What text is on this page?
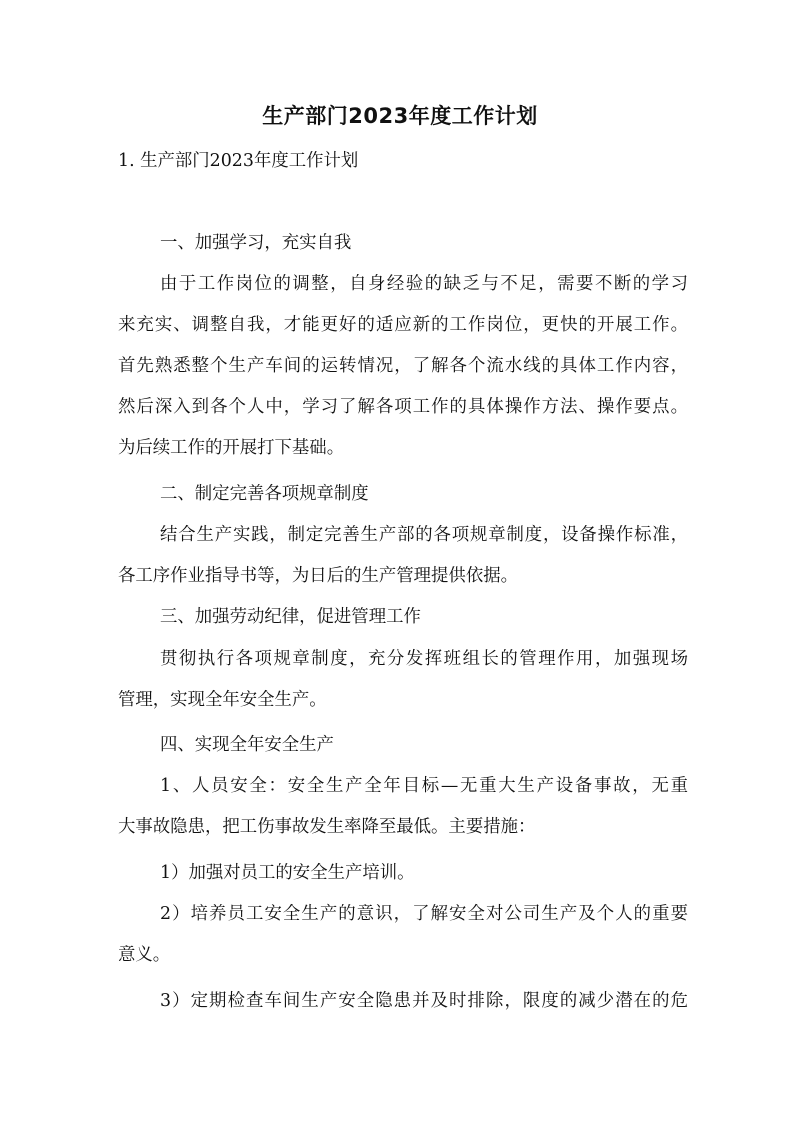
生产部门2023年度工作计划
1. 生产部门2023年度工作计划
一、加强学习，充实自我
由于工作岗位的调整，自身经验的缺乏与不足，需要不断的学习
来充实、调整自我，才能更好的适应新的工作岗位，更快的开展工作。
首先熟悉整个生产车间的运转情况，了解各个流水线的具体工作内容，
然后深入到各个人中，学习了解各项工作的具体操作方法、操作要点。
为后续工作的开展打下基础。
二、制定完善各项规章制度
结合生产实践，制定完善生产部的各项规章制度，设备操作标准，
各工序作业指导书等，为日后的生产管理提供依据。
三、加强劳动纪律，促进管理工作
贯彻执行各项规章制度，充分发挥班组长的管理作用，加强现场
管理，实现全年安全生产。
四、实现全年安全生产
1、人员安全：安全生产全年目标—无重大生产设备事故，无重
大事故隐患，把工伤事故发生率降至最低。主要措施：
1）加强对员工的安全生产培训。
2）培养员工安全生产的意识，了解安全对公司生产及个人的重要
意义。
3）定期检查车间生产安全隐患并及时排除，限度的减少潜在的危
